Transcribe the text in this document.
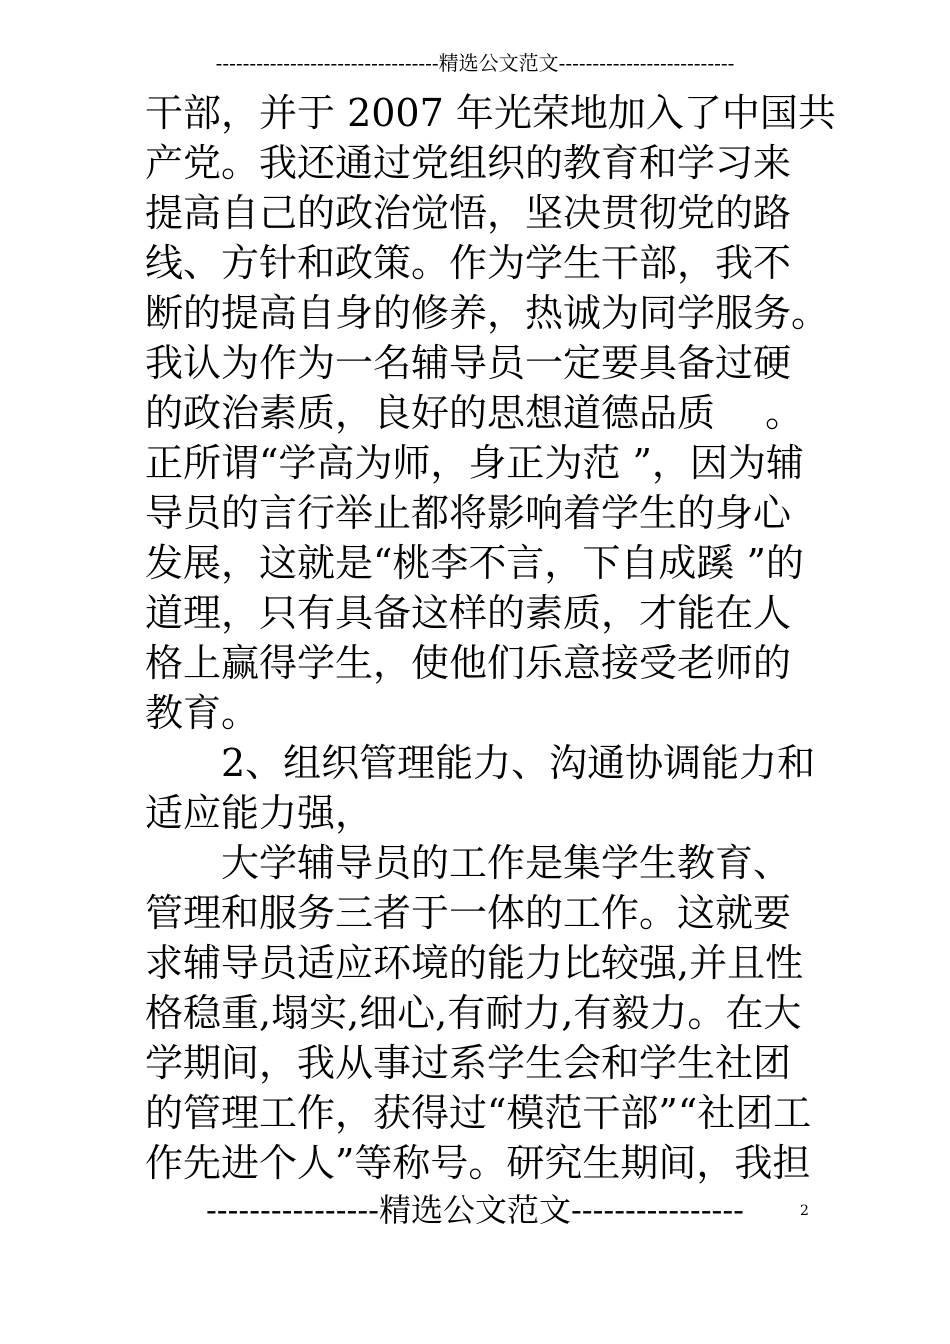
---------------------------------精选公文范文--------------------------
干部，并于 2007 年光荣地加入了中国共
产党。我还通过党组织的教育和学习来
提高自己的政治觉悟，坚决贯彻党的路
线、方针和政策。作为学生干部，我不
断的提高自身的修养，热诚为同学服务。
我认为作为一名辅导员一定要具备过硬
的政治素质，良好的思想道德品质　 。
正所谓“学高为师，身正为范 ”，因为辅
导员的言行举止都将影响着学生的身心
发展，这就是“桃李不言，下自成蹊 ”的
道理，只有具备这样的素质，才能在人
格上赢得学生，使他们乐意接受老师的
教育。
2、组织管理能力、沟通协调能力和
适应能力强，
大学辅导员的工作是集学生教育、
管理和服务三者于一体的工作。这就要
求辅导员适应环境的能力比较强,并且性
格稳重,塌实,细心,有耐力,有毅力。在大
学期间，我从事过系学生会和学生社团
的管理工作，获得过“模范干部”“社团工
作先进个人”等称号。研究生期间，我担
----------------精选公文范文----------------	2
